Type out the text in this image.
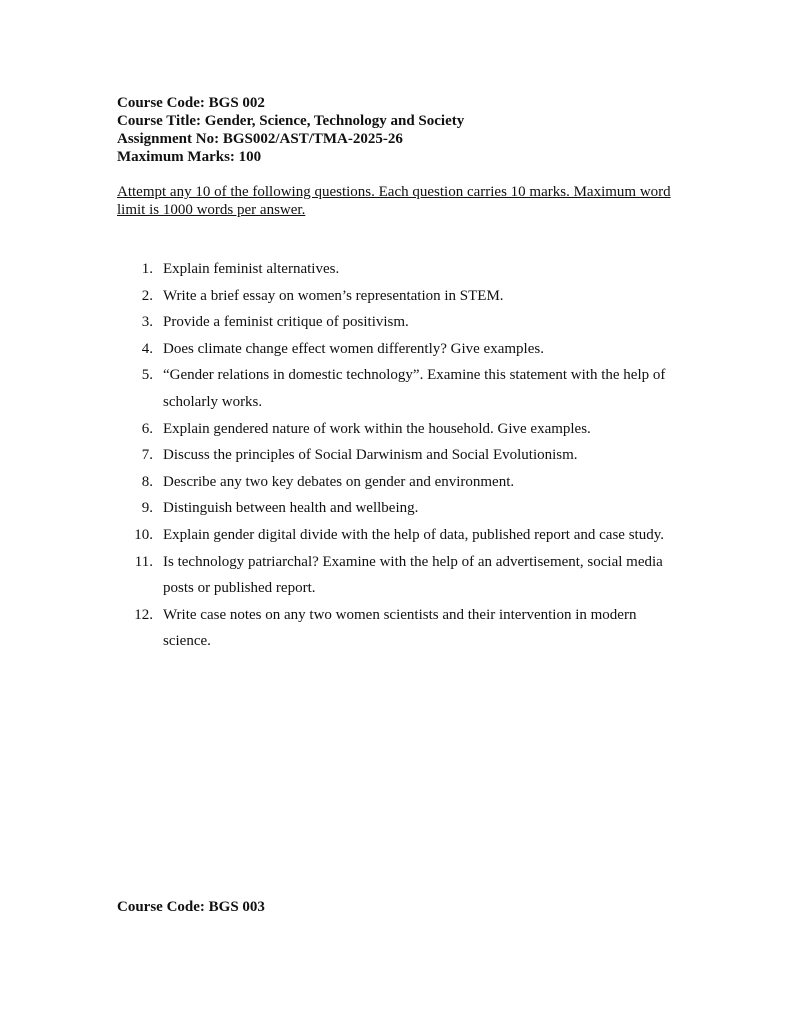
Course Code: BGS 002
Course Title: Gender, Science, Technology and Society
Assignment No: BGS002/AST/TMA-2025-26
Maximum Marks: 100
Attempt any 10 of the following questions. Each question carries 10 marks. Maximum word limit is 1000 words per answer.
1. Explain feminist alternatives.
2. Write a brief essay on women’s representation in STEM.
3. Provide a feminist critique of positivism.
4. Does climate change effect women differently? Give examples.
5. “Gender relations in domestic technology”. Examine this statement with the help of scholarly works.
6. Explain gendered nature of work within the household. Give examples.
7. Discuss the principles of Social Darwinism and Social Evolutionism.
8. Describe any two key debates on gender and environment.
9. Distinguish between health and wellbeing.
10. Explain gender digital divide with the help of data, published report and case study.
11. Is technology patriarchal? Examine with the help of an advertisement, social media posts or published report.
12. Write case notes on any two women scientists and their intervention in modern science.
Course Code: BGS 003
